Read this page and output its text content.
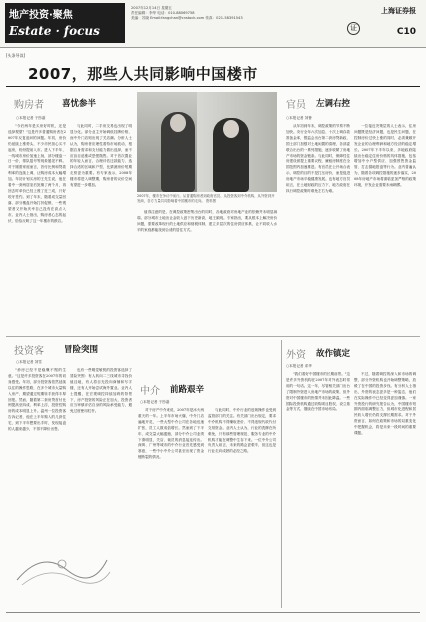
地产投资·聚焦
Estate · focus
2007年12月14日 星期五
责任编辑：李华 电话：010-88069758
美编：苏晓 Email:fangchan@cnstock.com 传真：021-58391543
上海证券报
证	C10
[头条导读]
2007，那些人共同影响中国楼市
购房者 喜忧参半
○本报记者 于彤嘉

"今后两年是买房好时机，还是选择观望？"这是许多普通购房者在2007年反复追问的问题。年初，房价仍延续上涨势头，不少市民担心买不起房，纷纷提前入市。进入下半年，一线城市房价加速上扬，部分楼盘一日一价，排队摇号等现象屡见不鲜。对于刚需家庭而言，首付比例和贷款利率的连续上调，让购房成本大幅增加。年初计划买房的王先生说，他在看中一套两居室后犹豫了两个月，再回去时单价已经上涨了近三成，只好咬牙签约。到了年末，随着成交量回落、部分楼盘开始打折促销，一些观望者又开始庆幸自己没有在高点入市。业内人士指出，购房者心态的起伏，恰恰反映了这一年楼市的跌宕。

与此同时，二手房交易也出现了明显分化。部分业主开始调低挂牌价格，而中介门店则出现了关店潮。分析人士认为，购房者应理性看待市场波动，根据自身需求和支付能力做出选择，而不应盲目追涨或恐慌抛售。对于首次置业的年轻人而言，合理评估还款能力、选择合适的区域和户型，比猜测房价短期走势更为重要。有专家表示，2008年楼市将进入调整期，购房者的议价空间有望进一步增加。

2007年，楼市在争议中前行。从普通购房者到政府官员、从投资客到中介机构、从外资到开发商，各方力量共同影响着中国楼市的走向。 资料图
官员 左调右控
○本报记者 刘鲁

从年初到年末，调控政策的节奏不断加快。央行全年六次加息、十次上调存款准备金率，银监会出台第二套房贷新政，国土部门加强对土地闲置的清理，各部委联合出台的一系列措施，逐步收紧了房地产市场的资金链条。与此同时，保障性住房建设被提上重要议程，廉租房制度在全国范围内加速推进。有官员在公开场合表示，调控的目的不是打压房价，而是促进房地产市场平稳健康发展。也有地方官员坦言，在土地财政的压力下，地方政府在执行调控政策时难免左右为难。

一位接近决策层的人士表示，住房问题既是经济问题，也是民生问题，在控制房价过快上涨的同时，必须兼顾开发企业的合理利润和地方经济的稳定增长。2007年下半年以来，多地政府陆续出台稳定住房价格的具体措施，包括增加中小户型供应、加强预售资金监管、打击囤地捂盘等行为。业内普遍认为，随着各项调控措施的逐步落实，2008年房地产市场将面临更加严格的政策环境，开发企业需要未雨绸缪。

值得注意的是，在调控政策密集出台的同时，各地政府对房地产业的依赖并未明显减弱。部分城市土地出让金收入创下历史新高，地王频现。专家指出，要从根本上解决房价问题，需要改革现行的土地供应和财税体制，建立多层次的住房供应体系，让不同收入水平的家庭都能找到合适的居住方式。

投资客 冒险突围
○本报记者 刘雪

"炒房已经不是稳赚不赔的生意。"这是许多投资客在2007年的切身感受。年初，部分投资客依然延续以往的操作思路，在多个城市大量购入房产，期望通过短期转手获得丰厚回报。然而，随着第二套房贷首付比例提高至四成、利率上浮，投资性购房的成本明显上升。温州一位投资客告诉记者，他在上半年购入的几套住宅，到下半年想要出手时，发现接盘的人越来越少，不得不降价出售。

也有一些嗅觉敏锐的投资客选择了冒险突围：有人转向二三线城市寻找价值洼地，有人将目光投向商铺和写字楼，还有人开始尝试海外置业。业内人士提醒，在宏观调控持续加码的背景下，房产投资的风险正在加大，投资者应当审慎评估自身的风险承受能力，避免过度使用杠杆。

中介 前路艰辛
○本报记者 于彤嘉

对于房产中介来说，2007年是冰火两重天的一年。上半年市场火爆，中介门店遍地开花，一些大型中介公司在各地迅速扩张，员工人数成倍增长。然而到了下半年，成交量大幅萎缩，部分中介公司业绩下滑明显，关店、裁员的消息接连传出。深圳、广州等城市的中介行业首先感受到寒意，一些中小中介公司甚至出现了资金链断裂的情况。

与此同时，中介行业的违规操作也受到监管部门的关注。有关部门出台规定，要求中介机构不得赚取差价、不得违规代收代付交易资金。业内人士认为，行业的洗牌在所难免，只有那些管理规范、服务专业的中介机构才能在调整中生存下来。一位中介公司负责人坦言，未来的路会更艰辛，但这也是行业走向成熟的必经之路。

外资 故作镇定
○本报记者 邓华

"我们看好中国楼市的长期前景。"这是许多外资机构在2007年对外表态时常用的一句话。这一年，尽管相关部门出台了限制外资进入房地产市场的政策，但外资对中国楼市的热情并未因此降温。一些国际投资机构通过收购项目股权、设立基金等方式，继续在中国市场布局。

不过，随着调控的深入和市场的调整，部分外资机构也开始调整策略，放缓了在中国的投资步伐。有分析人士指出，外资的表态更多是一种姿态，他们在实际操作中已经变得更加谨慎。一家外资投行的研究报告认为，中国楼市短期内面临调整压力，但城市化进程和居民收入增长仍将支撑长期需求。对于外资而言，如何在政策和市场的双重变化中把握机会，将是未来一段时间的重要课题。
